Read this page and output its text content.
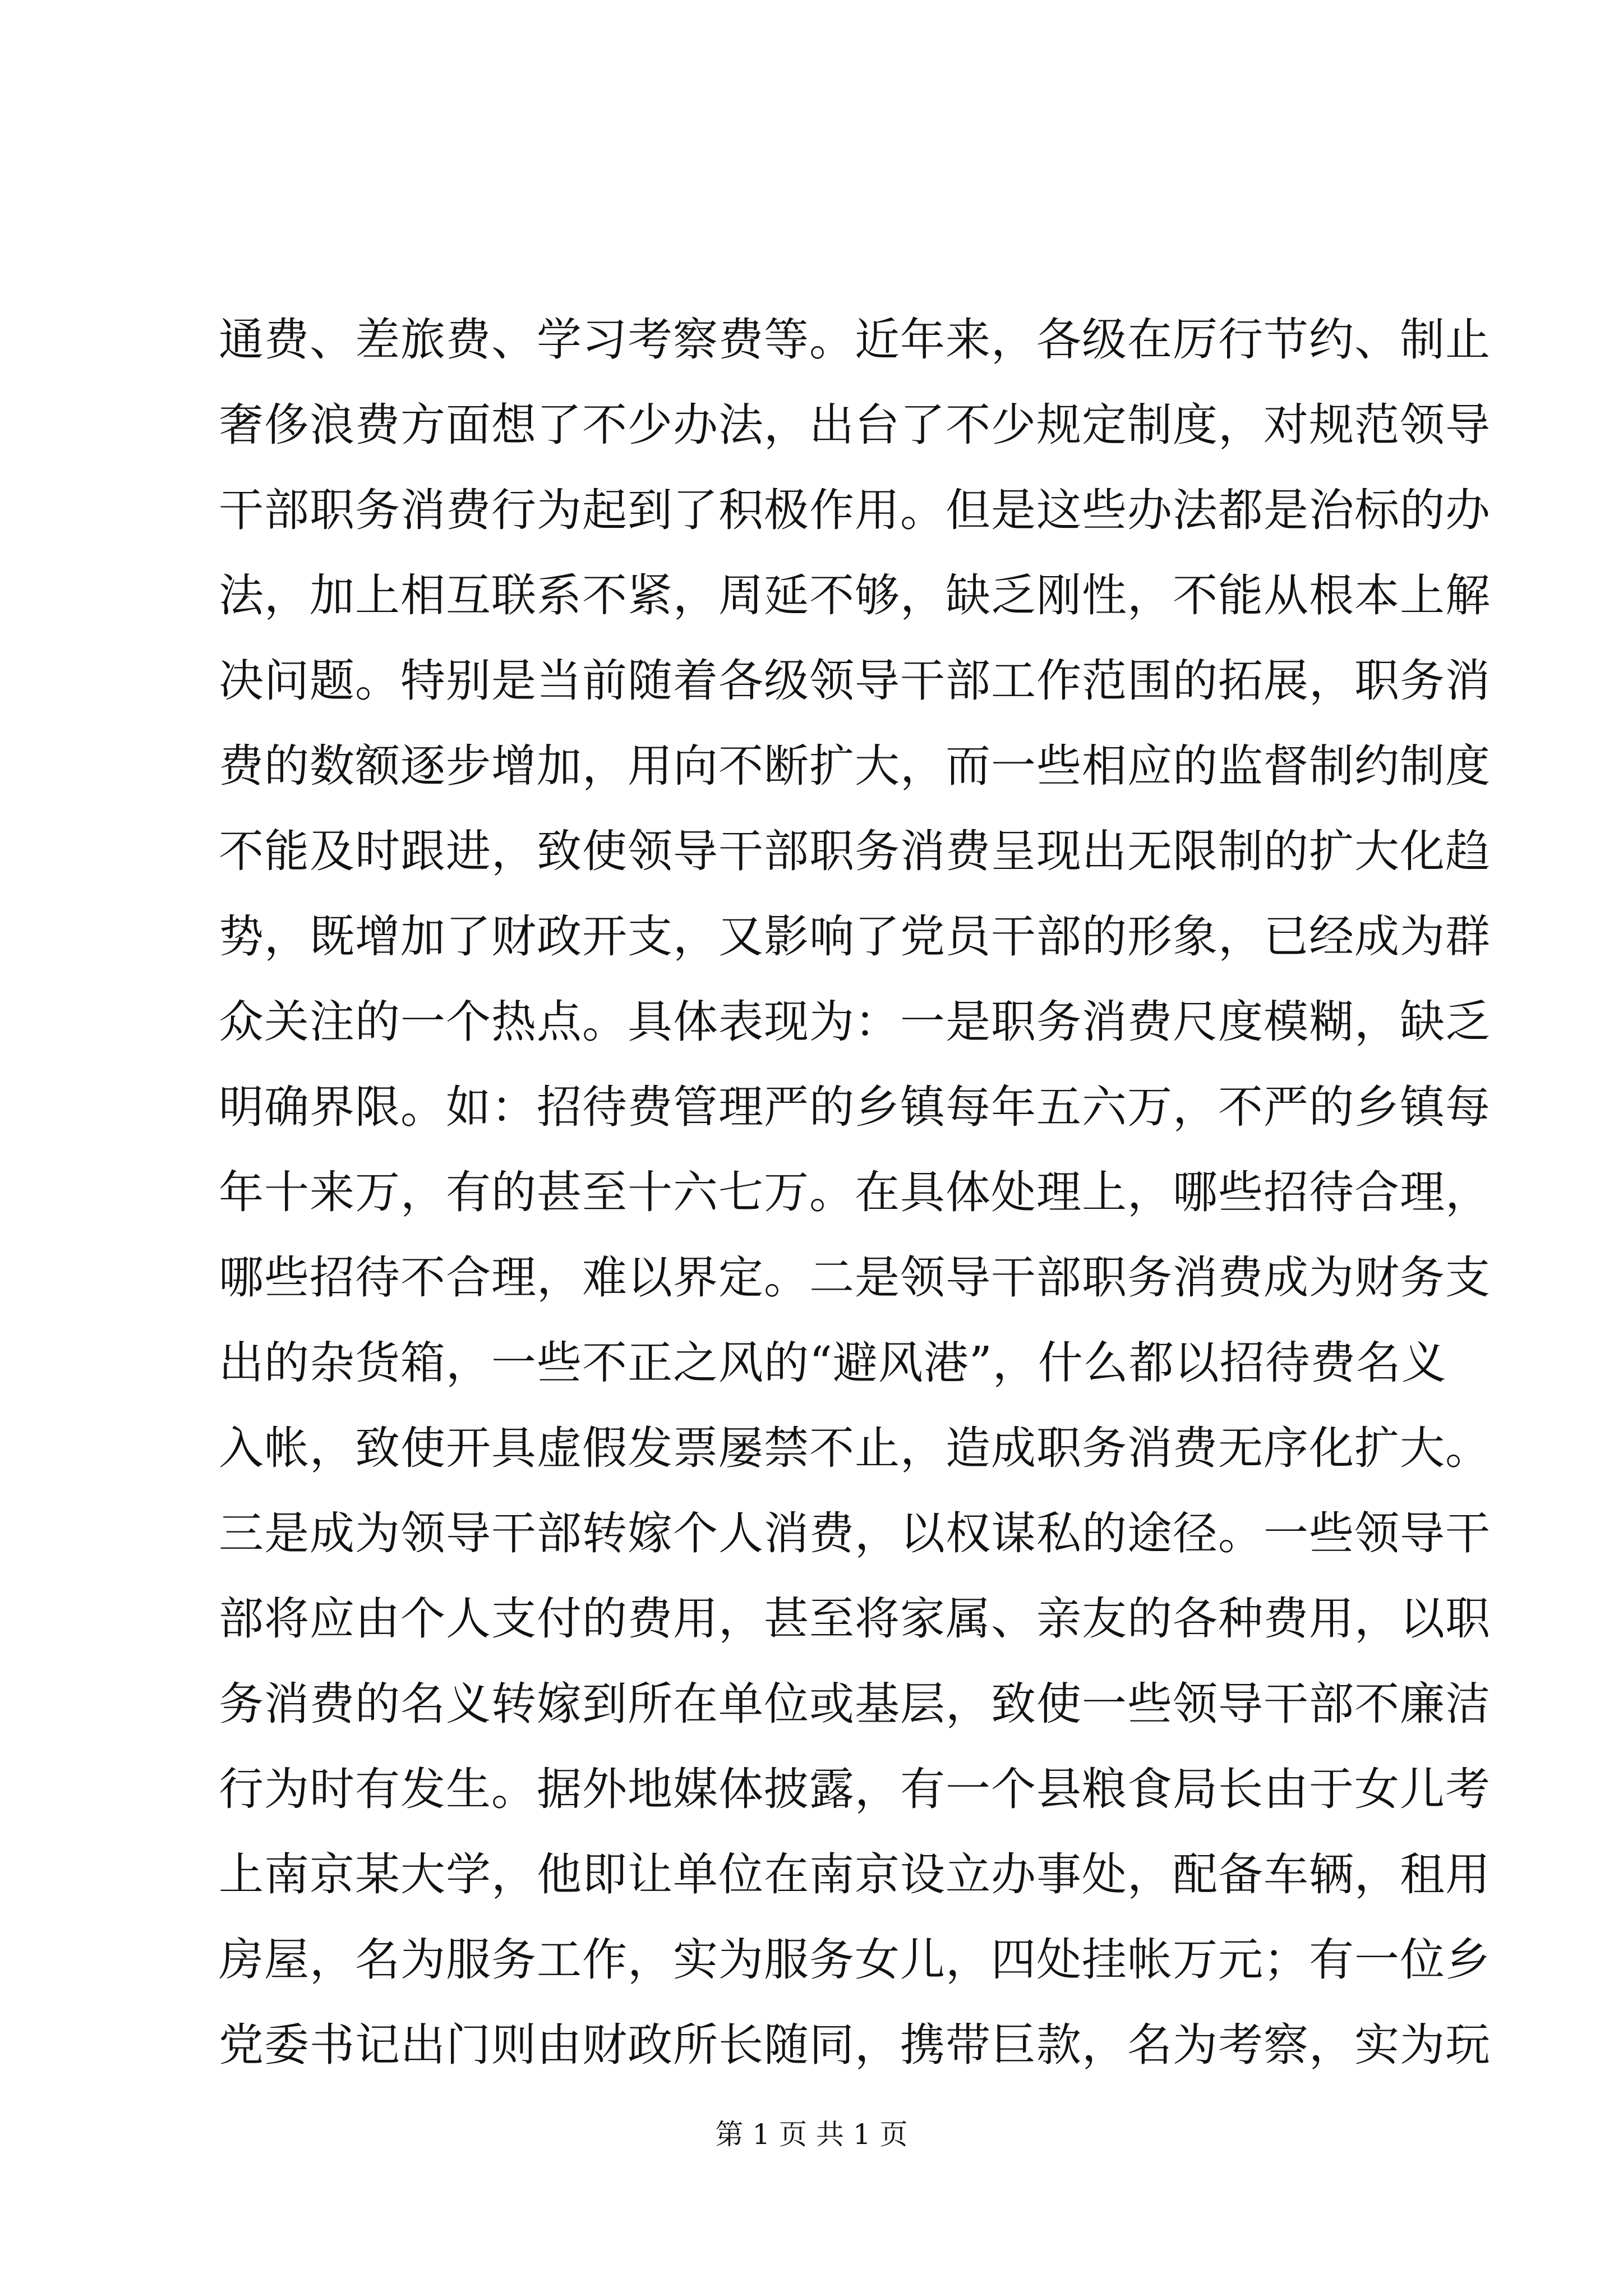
通费、差旅费、学习考察费等。近年来，各级在厉行节约、制止
奢侈浪费方面想了不少办法，出台了不少规定制度，对规范领导
干部职务消费行为起到了积极作用。但是这些办法都是治标的办
法，加上相互联系不紧，周延不够，缺乏刚性，不能从根本上解
决问题。特别是当前随着各级领导干部工作范围的拓展，职务消
费的数额逐步增加，用向不断扩大，而一些相应的监督制约制度
不能及时跟进，致使领导干部职务消费呈现出无限制的扩大化趋
势，既增加了财政开支，又影响了党员干部的形象，已经成为群
众关注的一个热点。具体表现为：一是职务消费尺度模糊，缺乏
明确界限。如：招待费管理严的乡镇每年五六万，不严的乡镇每
年十来万，有的甚至十六七万。在具体处理上，哪些招待合理，
哪些招待不合理，难以界定。二是领导干部职务消费成为财务支
出的杂货箱，一些不正之风的“避风港”，什么都以招待费名义
入帐，致使开具虚假发票屡禁不止，造成职务消费无序化扩大。
三是成为领导干部转嫁个人消费，以权谋私的途径。一些领导干
部将应由个人支付的费用，甚至将家属、亲友的各种费用，以职
务消费的名义转嫁到所在单位或基层，致使一些领导干部不廉洁
行为时有发生。据外地媒体披露，有一个县粮食局长由于女儿考
上南京某大学，他即让单位在南京设立办事处，配备车辆，租用
房屋，名为服务工作，实为服务女儿，四处挂帐万元；有一位乡
党委书记出门则由财政所长随同，携带巨款，名为考察，实为玩
第 1 页 共 1 页
